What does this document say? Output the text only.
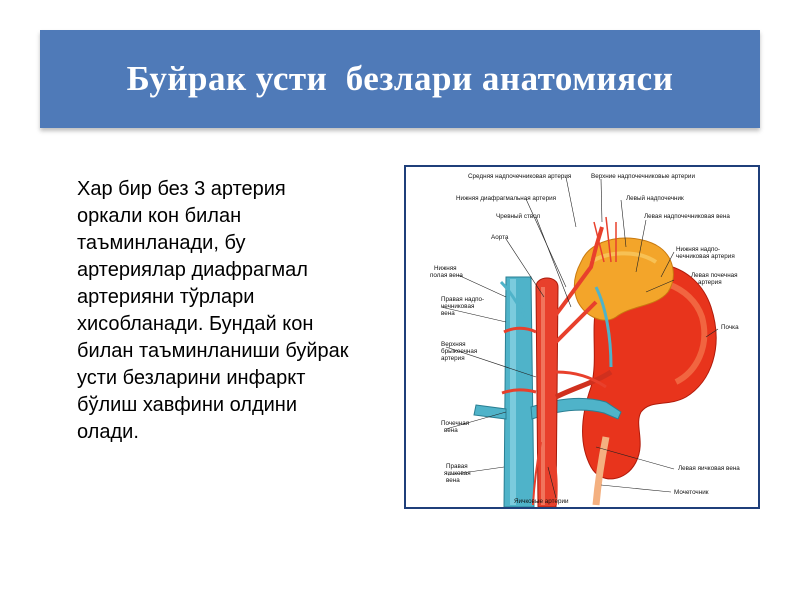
Буйрак усти  безлари анатомияси
Хар бир без 3 артерия
оркали кон билан
таъминланади, бу
артериялар диафрагмал
артерияни тўрлари
хисобланади. Бундай кон
билан таъминланиши буйрак
усти безларини инфаркт
бўлиш хавфини олдини
олади.
Средняя надпочечниковая артерия	Верхние надпочечниковые артерии
Нижняя диафрагмальная артерия	Левый надпочечник
Чревный ствол	Левая надпочечниковая вена
Аорта
Нижняя
полая вена
Нижняя надпо-
чечниковая артерия
Левая почечная
артерия
Правая надпо-
чечниковая
вена
Почка
Верхняя
брыжеечная
артерия
Почечная
вена
Правая
яичковая
вена
Левая яичковая вена
Мочеточник
Яичковые артерии
